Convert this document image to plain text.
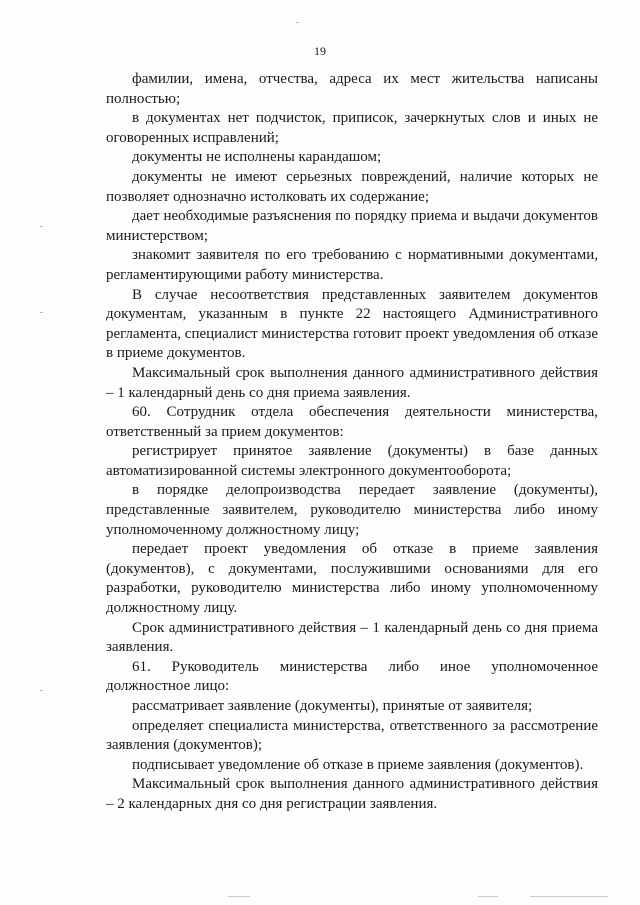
19

фамилии, имена, отчества, адреса их мест жительства написаны полностью;

в документах нет подчисток, приписок, зачеркнутых слов и иных не оговоренных исправлений;

документы не исполнены карандашом;

документы не имеют серьезных повреждений, наличие которых не позволяет однозначно истолковать их содержание;

дает необходимые разъяснения по порядку приема и выдачи документов министерством;

знакомит заявителя по его требованию с нормативными документами, регламентирующими работу министерства.

В случае несоответствия представленных заявителем документов документам, указанным в пункте 22 настоящего Административного регламента, специалист министерства готовит проект уведомления об отказе в приеме документов.

Максимальный срок выполнения данного административного действия – 1 календарный день со дня приема заявления.

60. Сотрудник отдела обеспечения деятельности министерства, ответственный за прием документов:

регистрирует принятое заявление (документы) в базе данных автоматизированной системы электронного документооборота;

в порядке делопроизводства передает заявление (документы), представленные заявителем, руководителю министерства либо иному уполномоченному должностному лицу;

передает проект уведомления об отказе в приеме заявления (документов), с документами, послужившими основаниями для его разработки, руководителю министерства либо иному уполномоченному должностному лицу.

Срок административного действия – 1 календарный день со дня приема заявления.

61. Руководитель министерства либо иное уполномоченное должностное лицо:

рассматривает заявление (документы), принятые от заявителя;

определяет специалиста министерства, ответственного за рассмотрение заявления (документов);

подписывает уведомление об отказе в приеме заявления (документов).

Максимальный срок выполнения данного административного действия – 2 календарных дня со дня регистрации заявления.
